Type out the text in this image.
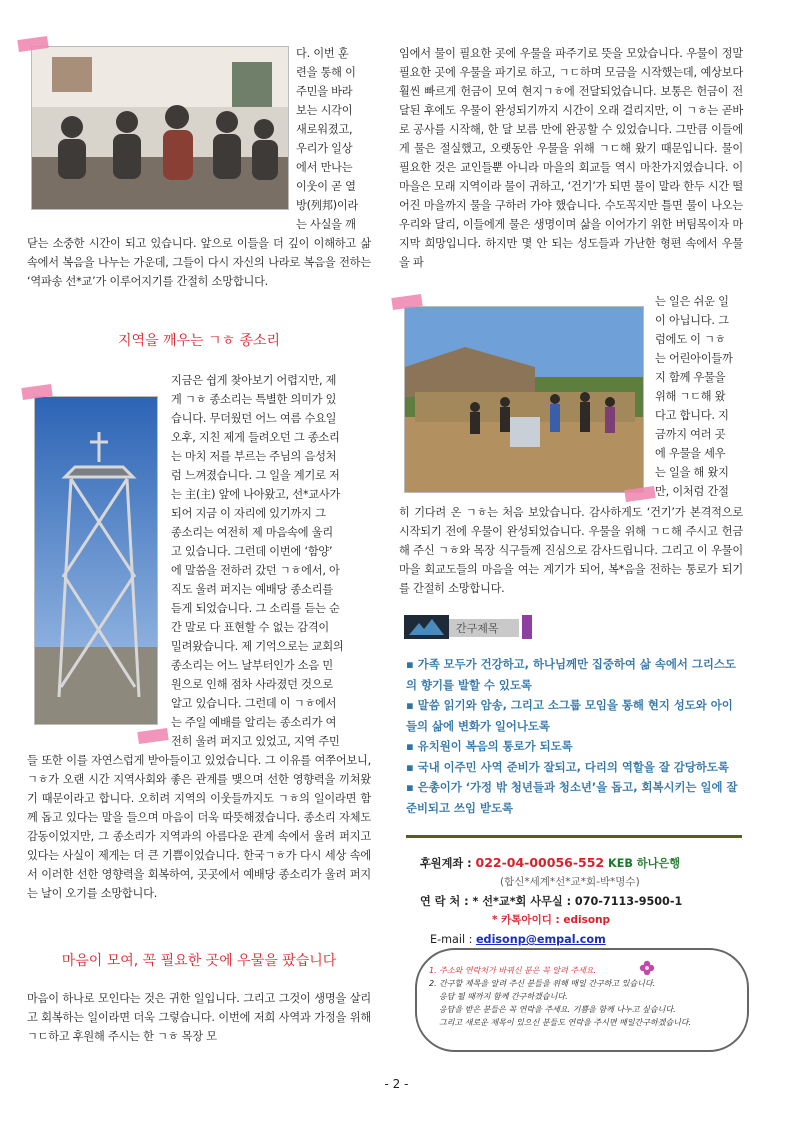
다. 이번 훈
련을 통해 이
주민을 바라
보는 시각이
새로워졌고,
우리가 일상
에서 만나는
이웃이 곧 열
방(列邦)이라
는 사실을 깨

닫는 소중한 시간이 되고 있습니다. 앞으로 이들을 더 깊이 이해하고 삶 속에서 복음을 나누는 가운데, 그들이 다시 자신의 나라로 복음을 전하는 ‘역파송 선*교’가 이루어지기를 간절히 소망합니다.

지역을 깨우는 ㄱㅎ 종소리
지금은 쉽게 찾아보기 어렵지만, 제
게 ㄱㅎ 종소리는 특별한 의미가 있
습니다. 무더웠던 어느 여름 수요일
오후, 지친 제게 들려오던 그 종소리
는 마치 저를 부르는 주님의 음성처
럼 느껴졌습니다. 그 일을 계기로 저
는 主(主) 앞에 나아왔고, 선*교사가
되어 지금 이 자리에 있기까지 그
종소리는 여전히 제 마음속에 울리
고 있습니다. 그런데 이번에 ‘함양’
에 말씀을 전하러 갔던 ㄱㅎ에서, 아
직도 울려 퍼지는 예배당 종소리를
듣게 되었습니다. 그 소리를 듣는 순
간 말로 다 표현할 수 없는 감격이
밀려왔습니다. 제 기억으로는 교회의
종소리는 어느 날부터인가 소음 민
원으로 인해 점차 사라졌던 것으로
알고 있습니다. 그런데 이 ㄱㅎ에서
는 주일 예배를 알리는 종소리가 여
전히 울려 퍼지고 있었고, 지역 주민

들 또한 이를 자연스럽게 받아들이고 있었습니다. 그 이유를 여쭈어보니, ㄱㅎ가 오랜 시간 지역사회와 좋은 관계를 맺으며 선한 영향력을 끼쳐왔기 때문이라고 합니다. 오히려 지역의 이웃들까지도 ㄱㅎ의 일이라면 함께 돕고 있다는 말을 들으며 마음이 더욱 따뜻해졌습니다. 종소리 자체도 감동이었지만, 그 종소리가 지역과의 아름다운 관계 속에서 울려 퍼지고 있다는 사실이 제게는 더 큰 기쁨이었습니다. 한국ㄱㅎ가 다시 세상 속에서 이러한 선한 영향력을 회복하여, 곳곳에서 예배당 종소리가 울려 퍼지는 날이 오기를 소망합니다.

마음이 모여, 꼭 필요한 곳에 우물을 팠습니다

마음이 하나로 모인다는 것은 귀한 일입니다. 그리고 그것이 생명을 살리고 회복하는 일이라면 더욱 그렇습니다. 이번에 저희 사역과 가정을 위해 ㄱㄷ하고 후원해 주시는 한 ㄱㅎ 목장 모

임에서 물이 필요한 곳에 우물을 파주기로 뜻을 모았습니다. 우물이 정말 필요한 곳에 우물을 파기로 하고, ㄱㄷ하며 모금을 시작했는데, 예상보다 훨씬 빠르게 헌금이 모여 현지ㄱㅎ에 전달되었습니다. 보통은 헌금이 전달된 후에도 우물이 완성되기까지 시간이 오래 걸리지만, 이 ㄱㅎ는 곧바로 공사를 시작해, 한 달 보름 만에 완공할 수 있었습니다. 그만큼 이들에게 물은 절실했고, 오랫동안 우물을 위해 ㄱㄷ해 왔기 때문입니다. 물이 필요한 것은 교인들뿐 아니라 마을의 회교들 역시 마찬가지였습니다. 이 마을은 모래 지역이라 물이 귀하고, ‘건기’가 되면 물이 말라 한두 시간 떨어진 마을까지 물을 구하러 가야 했습니다. 수도꼭지만 틀면 물이 나오는 우리와 달리, 이들에게 물은 생명이며 삶을 이어가기 위한 버팀목이자 마지막 희망입니다. 하지만 몇 안 되는 성도들과 가난한 형편 속에서 우물을 파

는 일은 쉬운 일
이 아닙니다. 그
럼에도 이 ㄱㅎ
는 어린아이들까
지 함께 우물을
위해 ㄱㄷ해 왔
다고 합니다. 지
금까지 여러 곳
에 우물을 세우
는 일을 해 왔지
만, 이처럼 간절

히 기다려 온 ㄱㅎ는 처음 보았습니다. 감사하게도 ‘건기’가 본격적으로 시작되기 전에 우물이 완성되었습니다. 우물을 위해 ㄱㄷ해 주시고 헌금해 주신 ㄱㅎ와 목장 식구들께 진심으로 감사드립니다. 그리고 이 우물이 마을 회교도들의 마음을 여는 계기가 되어, 복*음을 전하는 통로가 되기를 간절히 소망합니다.

간구제목
▪ 가족 모두가 건강하고, 하나님께만 집중하여 삶 속에서 그리스도의 향기를 발할 수 있도록
▪ 말씀 읽기와 암송, 그리고 소그룹 모임을 통해 현지 성도와 아이들의 삶에 변화가 일어나도록
▪ 유치원이 복음의 통로가 되도록
▪ 국내 이주민 사역 준비가 잘되고, 다리의 역할을 잘 감당하도록
▪ 은총이가 ‘가정 밖 청년들과 청소년’을 돕고, 회복시키는 일에 잘 준비되고 쓰임 받도록
후원계좌 : 022-04-00056-552 KEB 하나은행
(합신*세계*선*교*회-박*명수)
연 락 처 : * 선*교*회 사무실 : 070-7113-9500-1
* 카톡아이디 : edisonp
E-mail : edisonp@empal.com
1. 주소와 연락처가 바뀌신 분은 꼭 알려 주세요.
2. 간구할 제목을 알려 주신 분들을 위해 매일 간구하고 있습니다.
응답 될 때까지 함께 간구하겠습니다.
응답을 받은 분들은 꼭 연락을 주세요. 기쁨을 함께 나누고 싶습니다.
그리고 새로운 제목이 있으신 분들도 연락을 주시면 매일간구하겠습니다.
- 2 -
